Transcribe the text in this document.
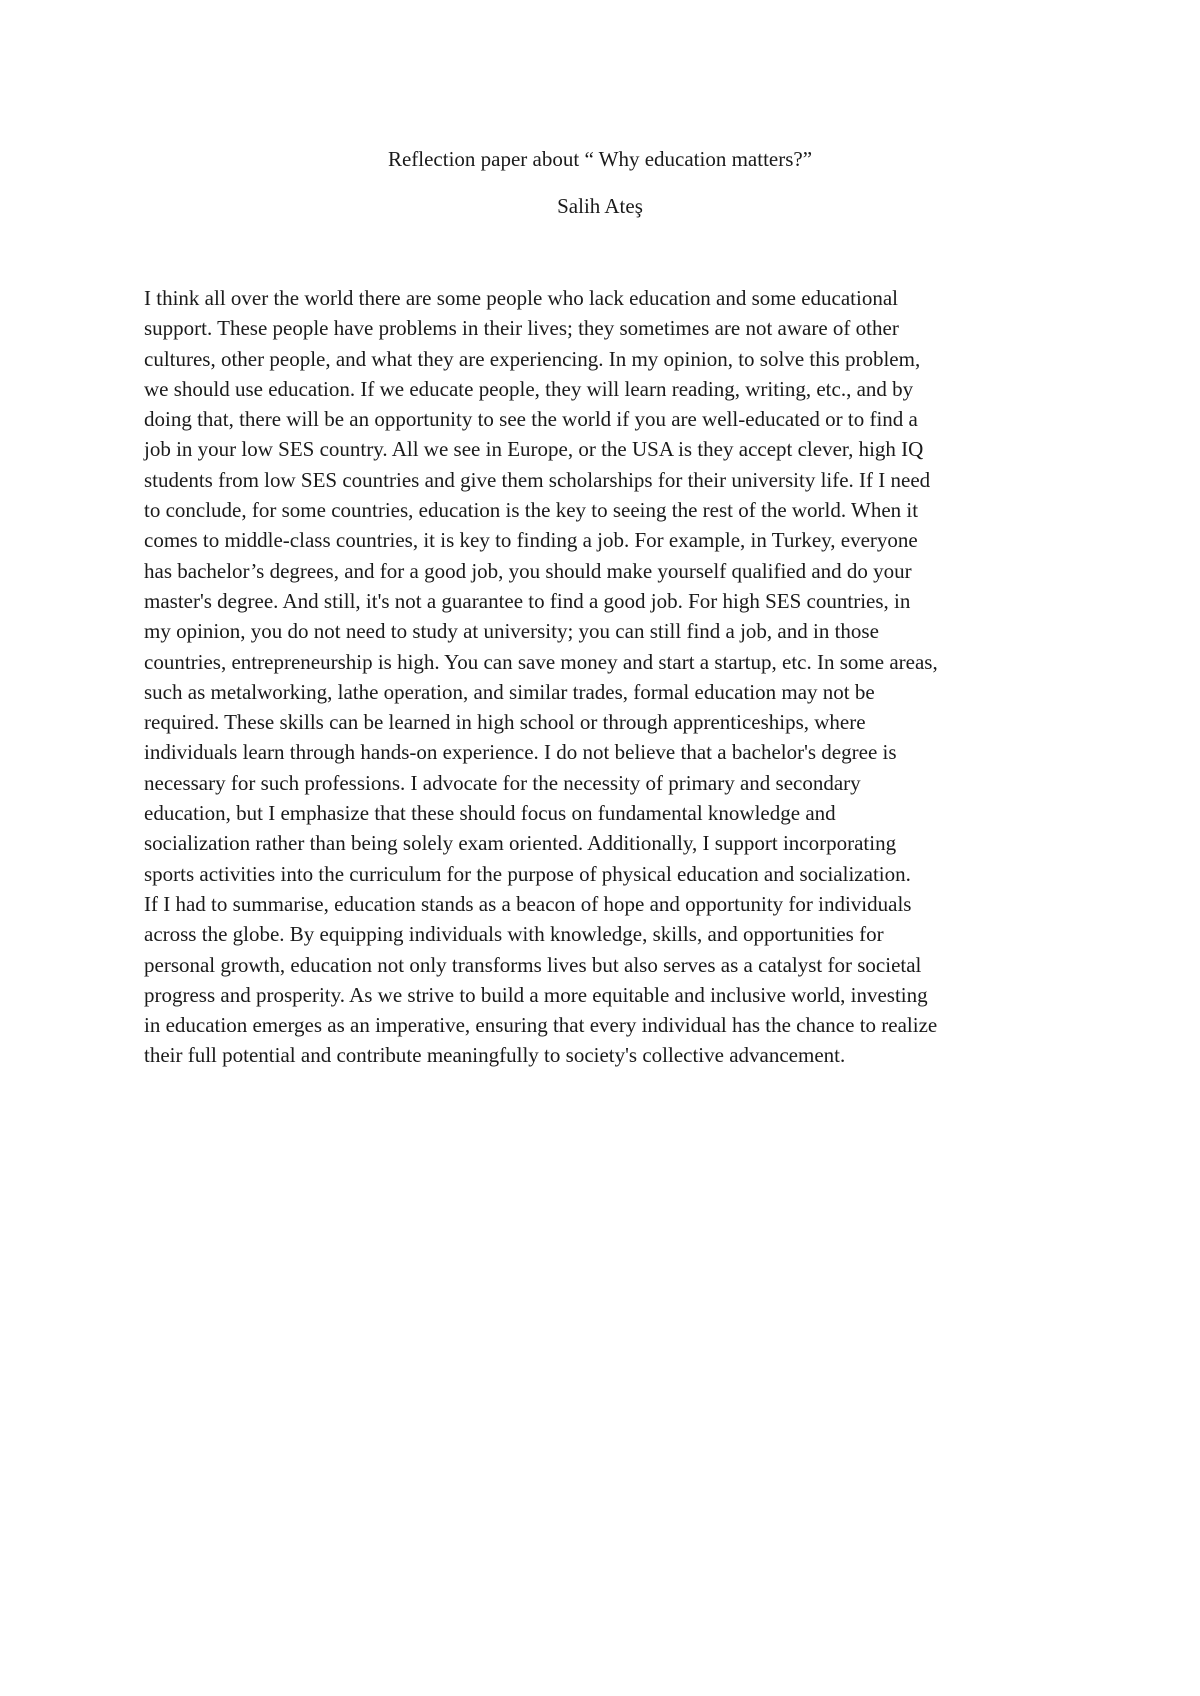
Reflection paper about “ Why education matters?”
Salih Ateş
I think all over the world there are some people who lack education and some educational
support. These people have problems in their lives; they sometimes are not aware of other
cultures, other people, and what they are experiencing. In my opinion, to solve this problem,
we should use education. If we educate people, they will learn reading, writing, etc., and by
doing that, there will be an opportunity to see the world if you are well-educated or to find a
job in your low SES country. All we see in Europe, or the USA is they accept clever, high IQ
students from low SES countries and give them scholarships for their university life. If I need
to conclude, for some countries, education is the key to seeing the rest of the world. When it
comes to middle-class countries, it is key to finding a job. For example, in Turkey, everyone
has bachelor’s degrees, and for a good job, you should make yourself qualified and do your
master's degree. And still, it's not a guarantee to find a good job. For high SES countries, in
my opinion, you do not need to study at university; you can still find a job, and in those
countries, entrepreneurship is high. You can save money and start a startup, etc. In some areas,
such as metalworking, lathe operation, and similar trades, formal education may not be
required. These skills can be learned in high school or through apprenticeships, where
individuals learn through hands-on experience. I do not believe that a bachelor's degree is
necessary for such professions. I advocate for the necessity of primary and secondary
education, but I emphasize that these should focus on fundamental knowledge and
socialization rather than being solely exam oriented. Additionally, I support incorporating
sports activities into the curriculum for the purpose of physical education and socialization.
If I had to summarise, education stands as a beacon of hope and opportunity for individuals
across the globe. By equipping individuals with knowledge, skills, and opportunities for
personal growth, education not only transforms lives but also serves as a catalyst for societal
progress and prosperity. As we strive to build a more equitable and inclusive world, investing
in education emerges as an imperative, ensuring that every individual has the chance to realize
their full potential and contribute meaningfully to society's collective advancement.
